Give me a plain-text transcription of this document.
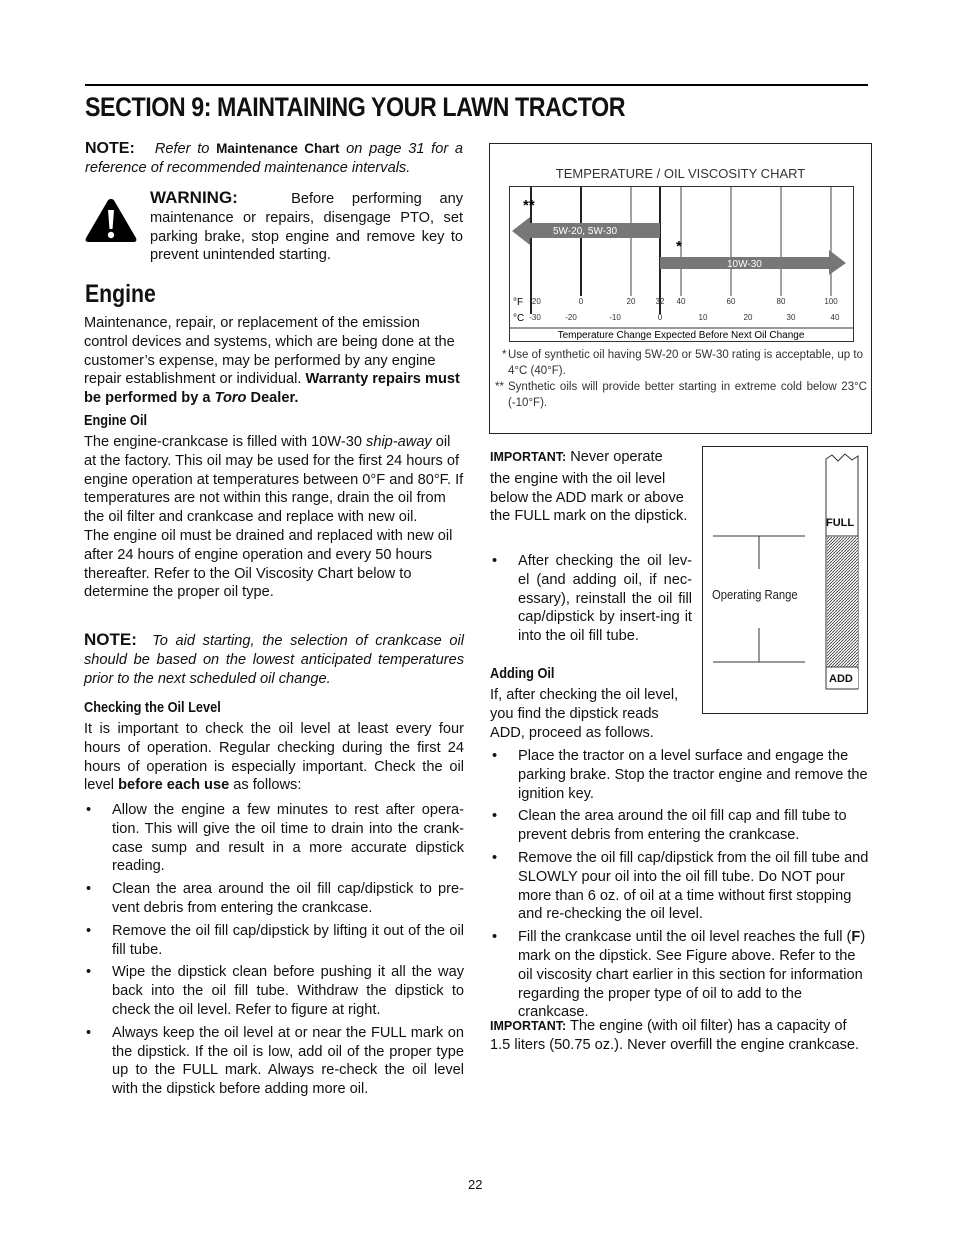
SECTION 9: MAINTAINING YOUR LAWN TRACTOR
NOTE: Refer to Maintenance Chart on page 31 for a reference of recommended maintenance intervals.
WARNING:	Before performing any maintenance or repairs, disengage PTO, set parking brake, stop engine and remove key to prevent unintended starting.
Engine
Maintenance, repair, or replacement of the emission control devices and systems, which are being done at the customer’s expense, may be performed by any engine repair establishment or individual. Warranty repairs must be performed by a Toro Dealer.
Engine Oil
The engine-crankcase is filled with 10W-30 ship-away oil at the factory. This oil may be used for the first 24 hours of engine operation at temperatures between 0°F and 80°F. If temperatures are not within this range, drain the oil from the oil filter and crankcase and replace with new oil.
The engine oil must be drained and replaced with new oil after 24 hours of engine operation and every 50 hours thereafter. Refer to the Oil Viscosity Chart below to determine the proper oil type.
NOTE: To aid starting, the selection of crankcase oil should be based on the lowest anticipated temperatures prior to the next scheduled oil change.
Checking the Oil Level
It is important to check the oil level at least every four hours of operation. Regular checking during the first 24 hours of operation is especially important. Check the oil level before each use as follows:
• Allow the engine a few minutes to rest after opera-tion. This will give the oil time to drain into the crank-case sump and result in a more accurate dipstick reading.
• Clean the area around the oil fill cap/dipstick to pre-vent debris from entering the crankcase.
• Remove the oil fill cap/dipstick by lifting it out of the oil fill tube.
• Wipe the dipstick clean before pushing it all the way back into the oil fill tube. Withdraw the dipstick to check the oil level. Refer to figure at right.
• Always keep the oil level at or near the FULL mark on the dipstick. If the oil is low, add oil of the proper type up to the FULL mark. Always re-check the oil level with the dipstick before adding more oil.
TEMPERATURE / OIL VISCOSITY CHART
5W-20, 5W-30
10W-30
**
*
°F
°C
-20	0	20	32 40	60	80	100
-30	-20	-10	0	10	20	30	40
Temperature Change Expected Before Next Oil Change
* Use of synthetic oil having 5W-20 or 5W-30 rating is acceptable, up to 4°C (40°F).
** Synthetic oils will provide better starting in extreme cold below 23°C (-10°F).
IMPORTANT: Never operate
the engine with the oil level below the ADD mark or above the FULL mark on the dipstick.
• After checking the oil lev-el (and adding oil, if nec-essary), reinstall the oil fill cap/dipstick by insert-ing it into the oil fill tube.
FULL
ADD
Operating Range
Adding Oil
If, after checking the oil level, you find the dipstick reads ADD, proceed as follows.
• Place the tractor on a level surface and engage the parking brake. Stop the tractor engine and remove the ignition key.
• Clean the area around the oil fill cap and fill tube to prevent debris from entering the crankcase.
• Remove the oil fill cap/dipstick from the oil fill tube and SLOWLY pour oil into the oil fill tube. Do NOT pour more than 6 oz. of oil at a time without first stopping and re-checking the oil level.
• Fill the crankcase until the oil level reaches the full (F) mark on the dipstick. See Figure above. Refer to the oil viscosity chart earlier in this section for information regarding the proper type of oil to add to the crankcase.
IMPORTANT: The engine (with oil filter) has a capacity of 1.5 liters (50.75 oz.). Never overfill the engine crankcase.
22
